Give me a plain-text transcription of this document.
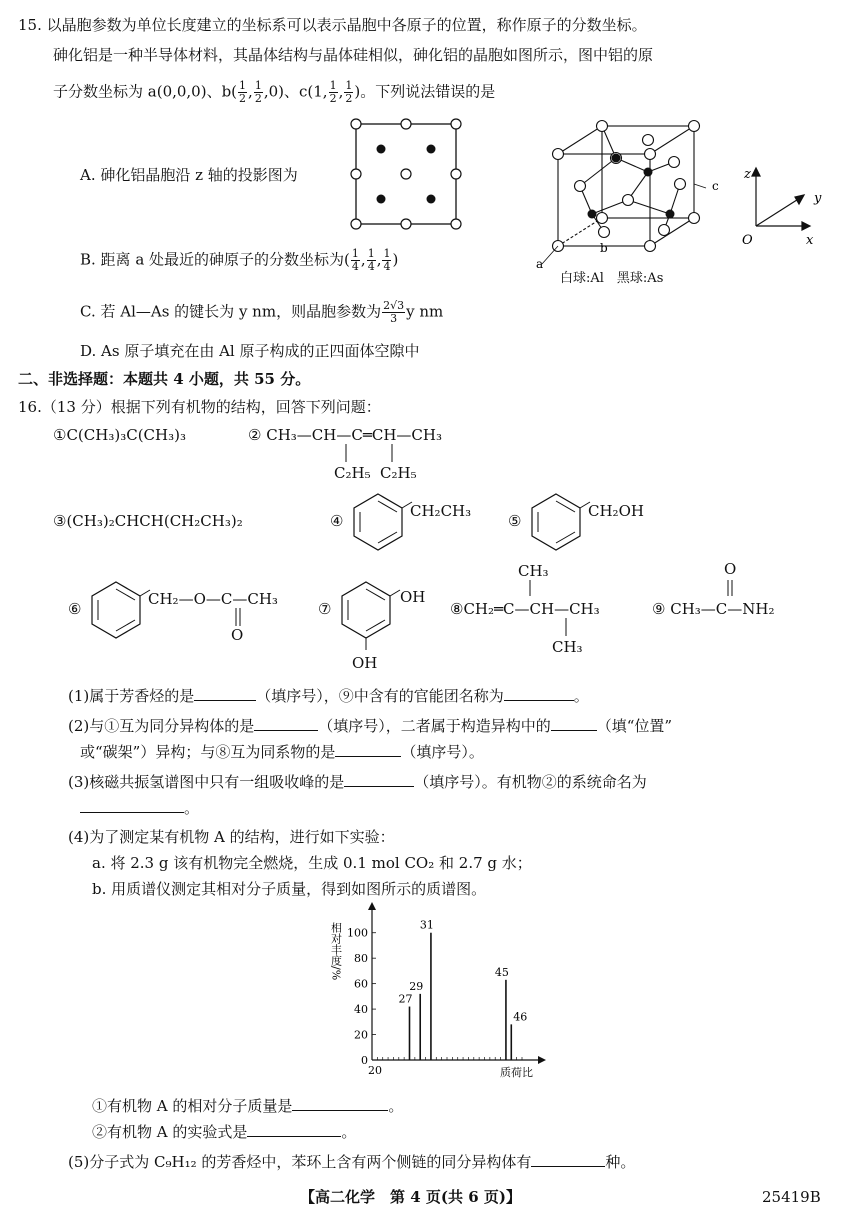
15. 以晶胞参数为单位长度建立的坐标系可以表示晶胞中各原子的位置，称作原子的分数坐标。
砷化铝是一种半导体材料，其晶体结构与晶体硅相似，砷化铝的晶胞如图所示，图中铝的原
子分数坐标为 a(0,0,0)、$b( \frac{1}{2}$ , $\frac{1}{2} ,0$)、c(1, $\frac{1}{2}$ , $\frac{1}{2}$ )。下列说法错误的是
A. 砷化铝晶胞沿 z 轴的投影图为
a
b
c
白球:Al　黑球:As
z
y
x
O
B. 距离 a 处最近的砷原子的分数坐标为( $\frac{1}{4}$ , $\frac{1}{4}$ , $\frac{1}{4}$ )
C. 若 Al—As 的键长为 y nm，则晶胞参数为 $\frac{2√3}{3}$ y nm
D. As 原子填充在由 Al 原子构成的正四面体空隙中
二、非选择题：本题共 4 小题，共 55 分。
16.（13 分）根据下列有机物的结构，回答下列问题：
①C(CH₃)₃C(CH₃)₃	② CH₃—CH—C═CH—CH₃
C₂H₅ C₂H₅
③(CH₃)₂CHCH(CH₂CH₃)₂	④
CH₂CH₃
⑤
CH₂OH
⑥
CH₂—O—C—CH₃
O
⑦
OH
OH
CH₃
⑧CH₂═C—CH—CH₃
CH₃
O
⑨ CH₃—C—NH₂
(1)属于芳香烃的是	（填序号），⑨中含有的官能团名称为	。
(2)与①互为同分异构体的是	（填序号），二者属于构造异构中的	（填“位置”
或“碳架”）异构；与⑧互为同系物的是	（填序号）。
(3)核磁共振氢谱图中只有一组吸收峰的是	（填序号）。有机物②的系统命名为
。
(4)为了测定某有机物 A 的结构，进行如下实验：
a. 将 2.3 g 该有机物完全燃烧，生成 0.1 mol CO₂ 和 2.7 g 水；
b. 用质谱仪测定其相对分子质量，得到如图所示的质谱图。
0
20
40
60
80
100
20	质荷比
相对丰度/%
27
29
31
45
46
①有机物 A 的相对分子质量是	。
②有机物 A 的实验式是	。
(5)分子式为 C₉H₁₂ 的芳香烃中，苯环上含有两个侧链的同分异构体有	种。
【高二化学　第 4 页(共 6 页)】	25419B
